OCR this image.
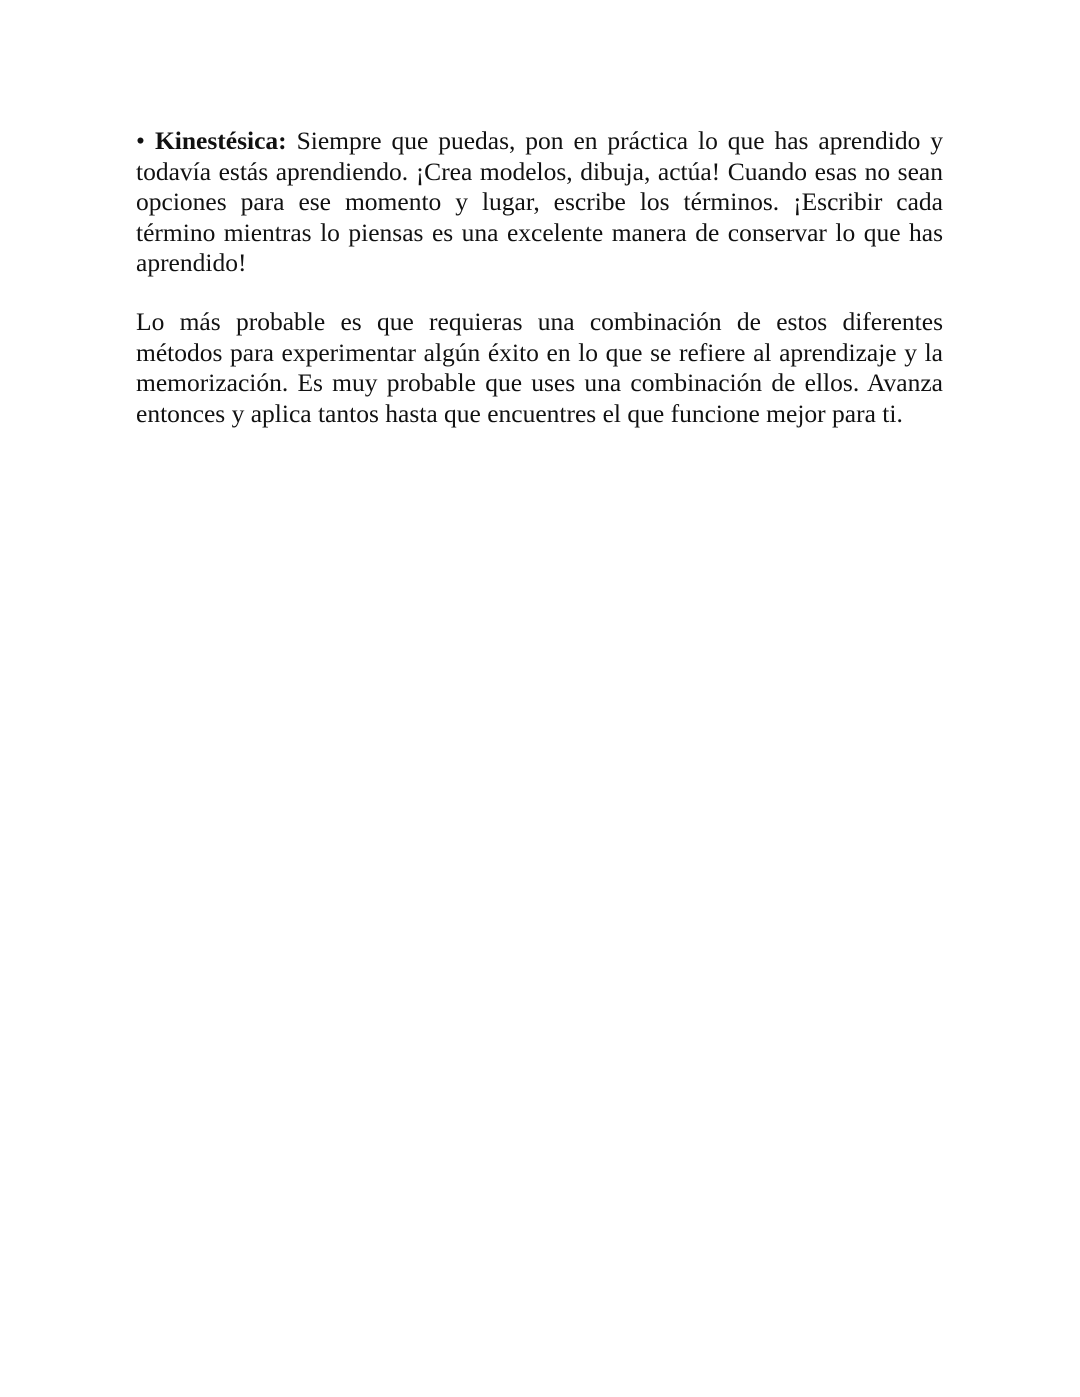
• Kinestésica: Siempre que puedas, pon en práctica lo que has aprendido y todavía estás aprendiendo. ¡Crea modelos, dibuja, actúa! Cuando esas no sean opciones para ese momento y lugar, escribe los términos. ¡Escribir cada término mientras lo piensas es una excelente manera de conservar lo que has aprendido!

Lo más probable es que requieras una combinación de estos diferentes métodos para experimentar algún éxito en lo que se refiere al aprendizaje y la memorización. Es muy probable que uses una combinación de ellos. Avanza entonces y aplica tantos hasta que encuentres el que funcione mejor para ti.
